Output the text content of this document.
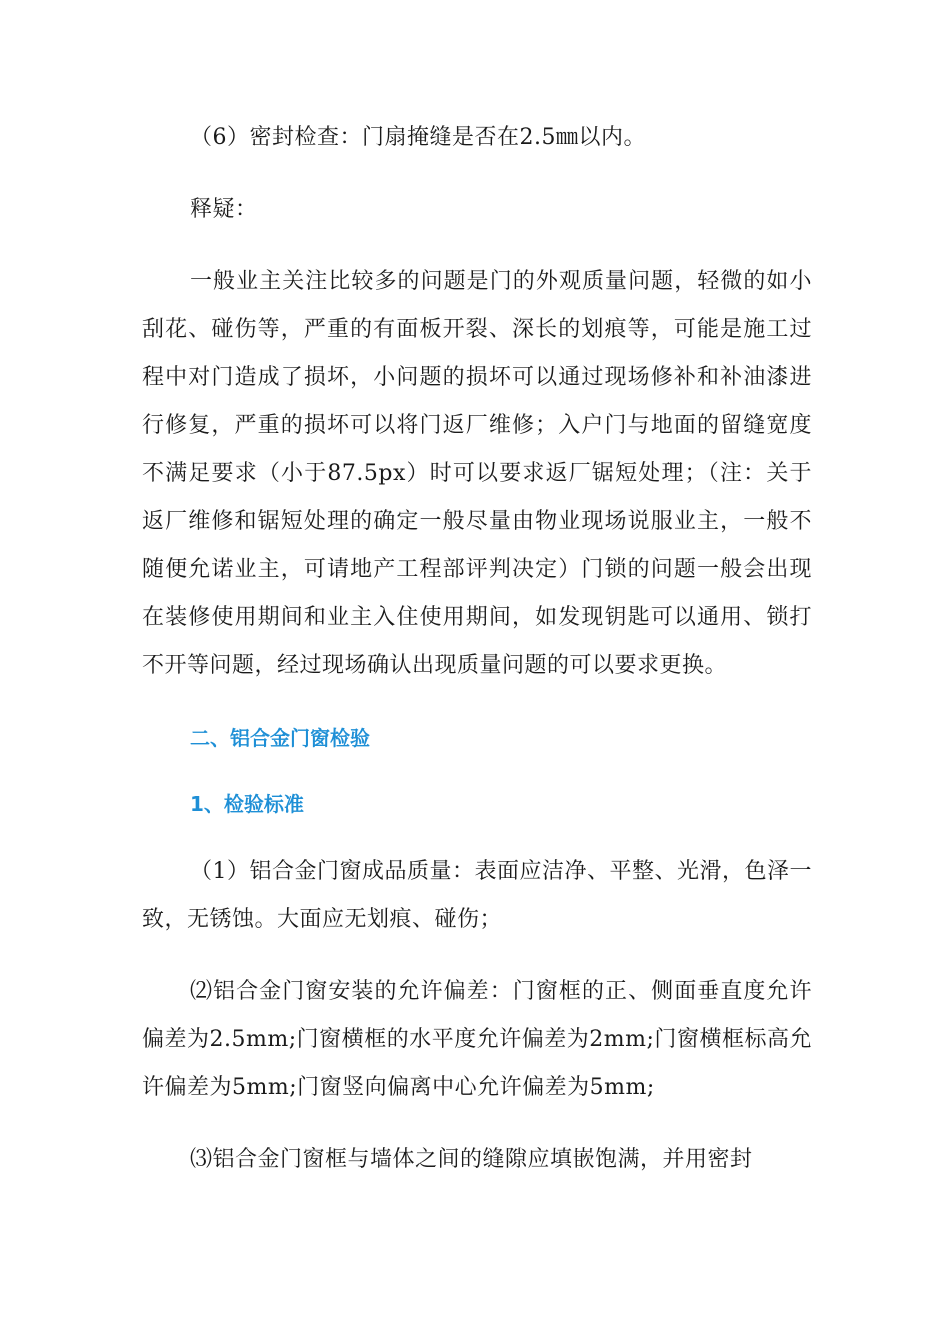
（6）密封检查：门扇掩缝是否在2.5㎜以内。

释疑：

一般业主关注比较多的问题是门的外观质量问题，轻微的如小刮花、碰伤等，严重的有面板开裂、深长的划痕等，可能是施工过程中对门造成了损坏，小问题的损坏可以通过现场修补和补油漆进行修复，严重的损坏可以将门返厂维修；入户门与地面的留缝宽度不满足要求（小于87.5px）时可以要求返厂锯短处理；（注：关于返厂维修和锯短处理的确定一般尽量由物业现场说服业主，一般不随便允诺业主，可请地产工程部评判决定）门锁的问题一般会出现在装修使用期间和业主入住使用期间，如发现钥匙可以通用、锁打不开等问题，经过现场确认出现质量问题的可以要求更换。

二、铝合金门窗检验
1、检验标准

（1）铝合金门窗成品质量：表面应洁净、平整、光滑，色泽一致，无锈蚀。大面应无划痕、碰伤；

⑵铝合金门窗安装的允许偏差：门窗框的正、侧面垂直度允许偏差为2.5mm;门窗横框的水平度允许偏差为2mm;门窗横框标高允许偏差为5mm;门窗竖向偏离中心允许偏差为5mm;

⑶铝合金门窗框与墙体之间的缝隙应填嵌饱满，并用密封
